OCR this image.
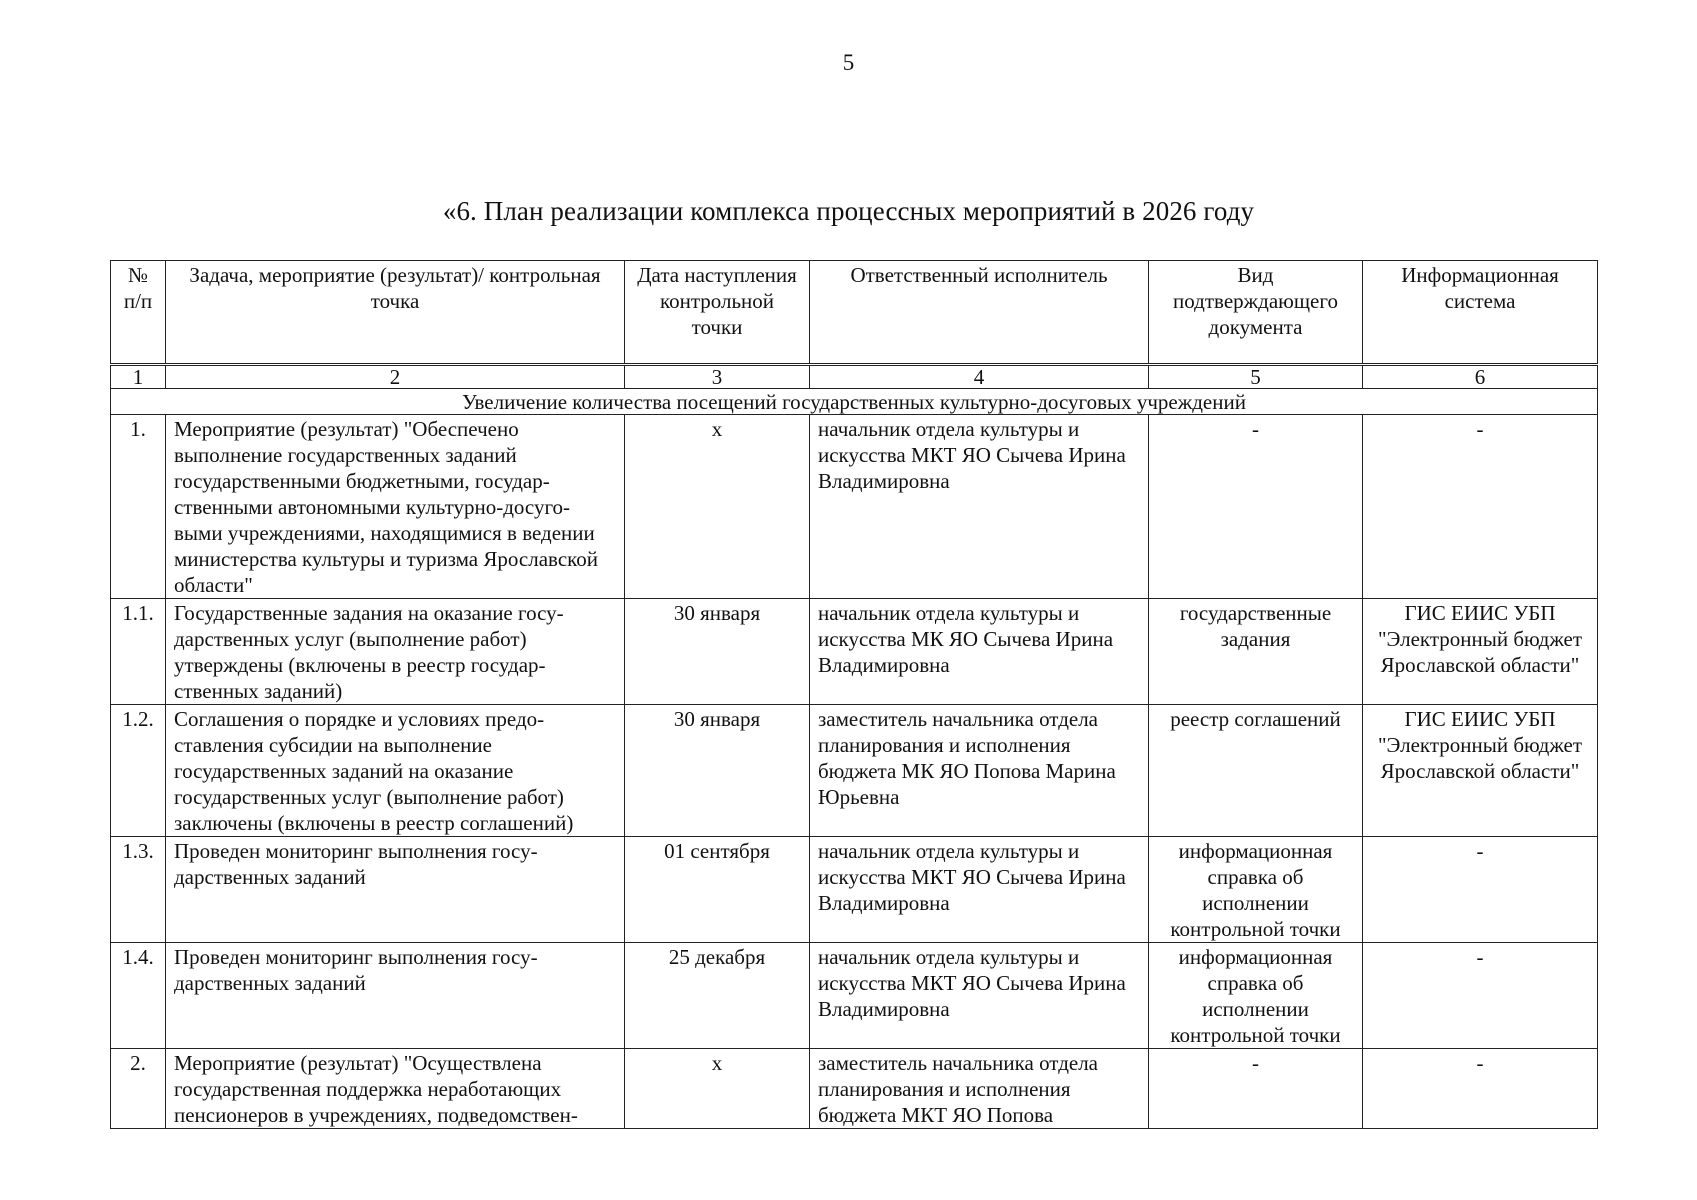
5
«6. План реализации комплекса процессных мероприятий в 2026 году
№ п/п	Задача, мероприятие (результат)/ контрольная точка	Дата наступления контрольной точки	Ответственный исполнитель	Вид подтверждающего документа	Информационная система
1	2	3	4	5	6
Увеличение количества посещений государственных культурно-досуговых учреждений					
1.	Мероприятие (результат) "Обеспечено выполнение государственных заданий государственными бюджетными, государ-ственными автономными культурно-досуго-выми учреждениями, находящимися в ведении министерства культуры и туризма Ярославской области"	х	начальник отдела культуры и искусства МКТ ЯО Сычева Ирина Владимировна	-	-
1.1.	Государственные задания на оказание госу-дарственных услуг (выполнение работ) утверждены (включены в реестр государ-ственных заданий)	30 января	начальник отдела культуры и искусства МК ЯО Сычева Ирина Владимировна	государственные задания	ГИС ЕИИС УБП "Электронный бюджет Ярославской области"
1.2.	Соглашения о порядке и условиях предо-ставления субсидии на выполнение государственных заданий на оказание государственных услуг (выполнение работ) заключены (включены в реестр соглашений)	30 января	заместитель начальника отдела планирования и исполнения бюджета МК ЯО Попова Марина Юрьевна	реестр соглашений	ГИС ЕИИС УБП "Электронный бюджет Ярославской области"
1.3.	Проведен мониторинг выполнения госу-дарственных заданий	01 сентября	начальник отдела культуры и искусства МКТ ЯО Сычева Ирина Владимировна	информационная справка об исполнении контрольной точки	-
1.4.	Проведен мониторинг выполнения госу-дарственных заданий	25 декабря	начальник отдела культуры и искусства МКТ ЯО Сычева Ирина Владимировна	информационная справка об исполнении контрольной точки	-
2.	Мероприятие (результат) "Осуществлена государственная поддержка неработающих пенсионеров в учреждениях, подведомствен-	х	заместитель начальника отдела планирования и исполнения бюджета МКТ ЯО Попова	-	-
